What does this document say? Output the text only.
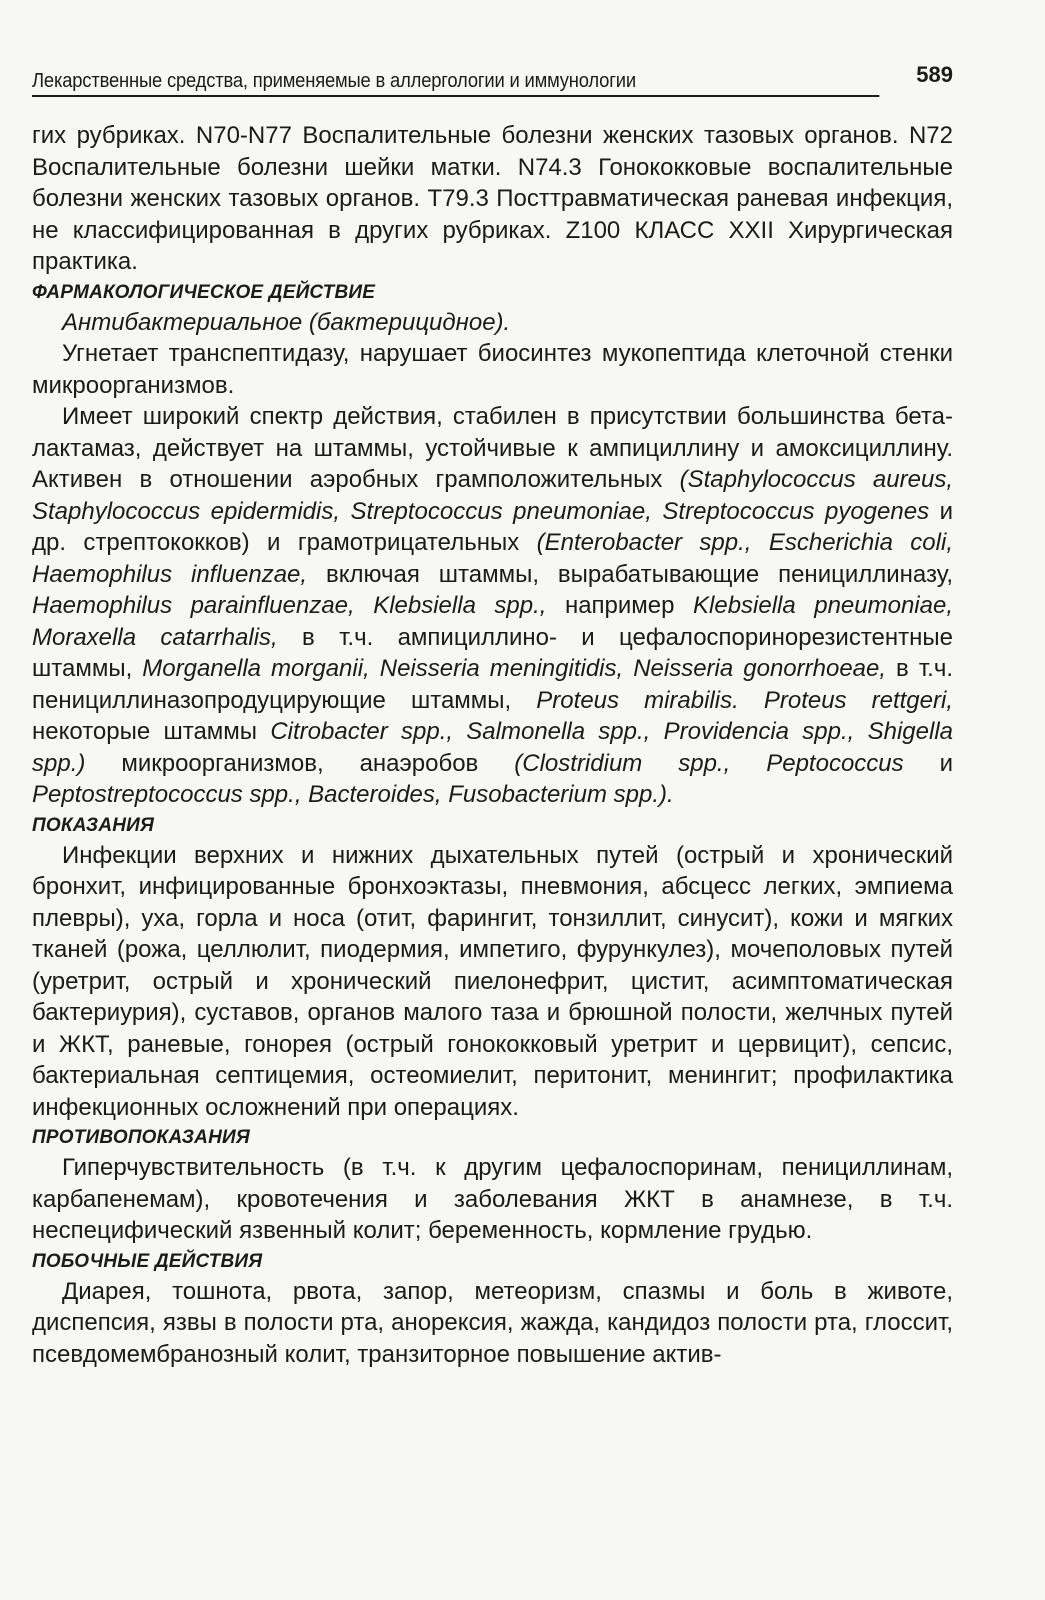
Лекарственные средства, применяемые в аллергологии и иммунологии	589

гих рубриках. N70-N77 Воспалительные болезни женских тазовых органов. N72 Воспалительные болезни шейки матки. N74.3 Гонококковые воспалительные болезни женских тазовых органов. T79.3 Посттравматическая раневая инфекция, не классифицированная в других рубриках. Z100 КЛАСС XXII Хирургическая практика.

ФАРМАКОЛОГИЧЕСКОЕ ДЕЙСТВИЕ

Антибактериальное (бактерицидное).

Угнетает транспептидазу, нарушает биосинтез мукопептида клеточной стенки микроорганизмов.

Имеет широкий спектр действия, стабилен в присутствии большинства бета-лактамаз, действует на штаммы, устойчивые к ампициллину и амоксициллину. Активен в отношении аэробных грамположительных (Staphylococcus aureus, Staphylococcus epidermidis, Streptococcus pneumoniae, Streptococcus pyogenes и др. стрептококков) и грамотрицательных (Enterobacter spp., Escherichia coli, Haemophilus influenzae, включая штаммы, вырабатывающие пенициллиназу, Haemophilus parainfluenzae, Klebsiella spp., например Klebsiella pneumoniae, Moraxella catarrhalis, в т.ч. ампициллино- и цефалоспоринорезистентные штаммы, Morganella morganii, Neisseria meningitidis, Neisseria gonorrhoeae, в т.ч. пенициллиназопродуцирующие штаммы, Proteus mirabilis. Proteus rettgeri, некоторые штаммы Citrobacter spp., Salmonella spp., Providencia spp., Shigella spp.) микроорганизмов, анаэробов (Clostridium spp., Peptococcus и Peptostreptococcus spp., Bacteroides, Fusobacterium spp.).

ПОКАЗАНИЯ

Инфекции верхних и нижних дыхательных путей (острый и хронический бронхит, инфицированные бронхоэктазы, пневмония, абсцесс легких, эмпиема плевры), уха, горла и носа (отит, фарингит, тонзиллит, синусит), кожи и мягких тканей (рожа, целлюлит, пиодермия, импетиго, фурункулез), мочеполовых путей (уретрит, острый и хронический пиелонефрит, цистит, асимптоматическая бактериурия), суставов, органов малого таза и брюшной полости, желчных путей и ЖКТ, раневые, гонорея (острый гонококковый уретрит и цервицит), сепсис, бактериальная септицемия, остеомиелит, перитонит, менингит; профилактика инфекционных осложнений при операциях.

ПРОТИВОПОКАЗАНИЯ

Гиперчувствительность (в т.ч. к другим цефалоспоринам, пенициллинам, карбапенемам), кровотечения и заболевания ЖКТ в анамнезе, в т.ч. неспецифический язвенный колит; беременность, кормление грудью.

ПОБОЧНЫЕ ДЕЙСТВИЯ

Диарея, тошнота, рвота, запор, метеоризм, спазмы и боль в животе, диспепсия, язвы в полости рта, анорексия, жажда, кандидоз полости рта, глоссит, псевдомембранозный колит, транзиторное повышение актив-
